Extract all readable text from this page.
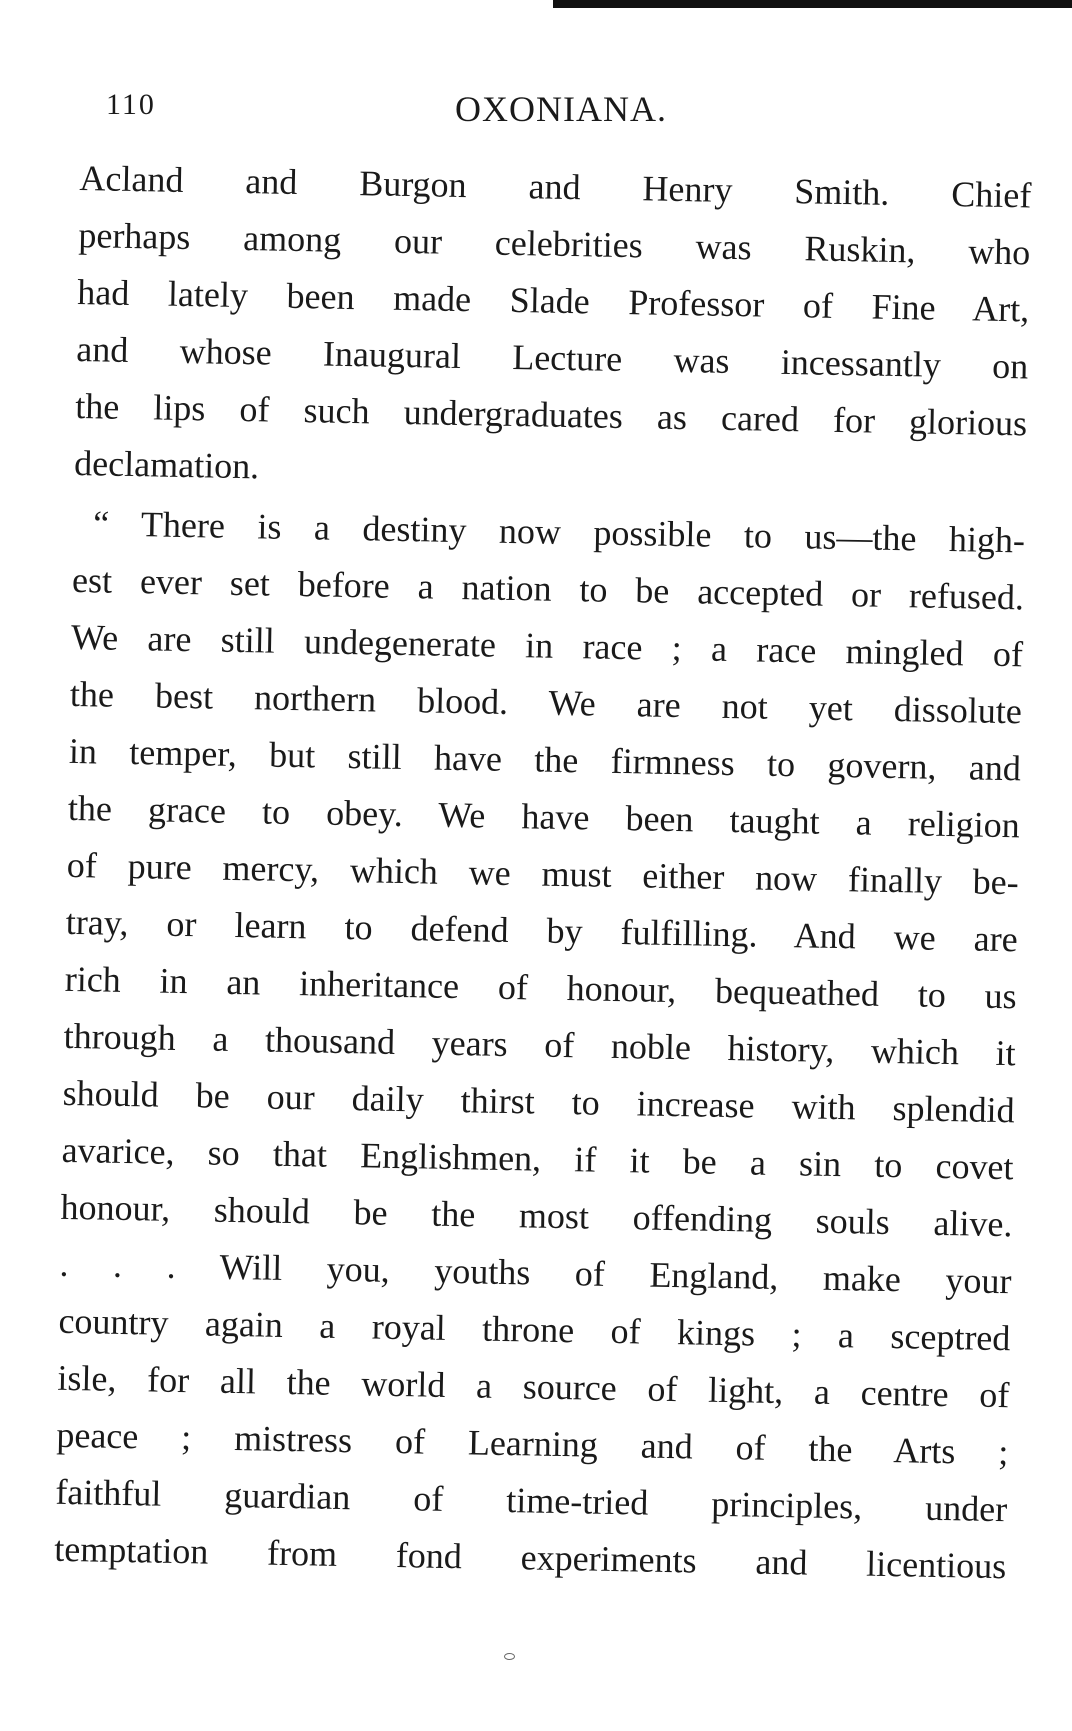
110	OXONIANA.
Acland and Burgon and Henry Smith. Chief
perhaps among our celebrities was Ruskin, who
had lately been made Slade Professor of Fine Art,
and whose Inaugural Lecture was incessantly on
the lips of such undergraduates as cared for glorious
declamation.
“ There is a destiny now possible to us—the high-
est ever set before a nation to be accepted or refused.
We are still undegenerate in race ; a race mingled of
the best northern blood. We are not yet dissolute
in temper, but still have the firmness to govern, and
the grace to obey. We have been taught a religion
of pure mercy, which we must either now finally be-
tray, or learn to defend by fulfilling. And we are
rich in an inheritance of honour, bequeathed to us
through a thousand years of noble history, which it
should be our daily thirst to increase with splendid
avarice, so that Englishmen, if it be a sin to covet
honour, should be the most offending souls alive.
. . . Will you, youths of England, make your
country again a royal throne of kings ; a sceptred
isle, for all the world a source of light, a centre of
peace ; mistress of Learning and of the Arts ;
faithful guardian of time-tried principles, under
temptation from fond experiments and licentious
